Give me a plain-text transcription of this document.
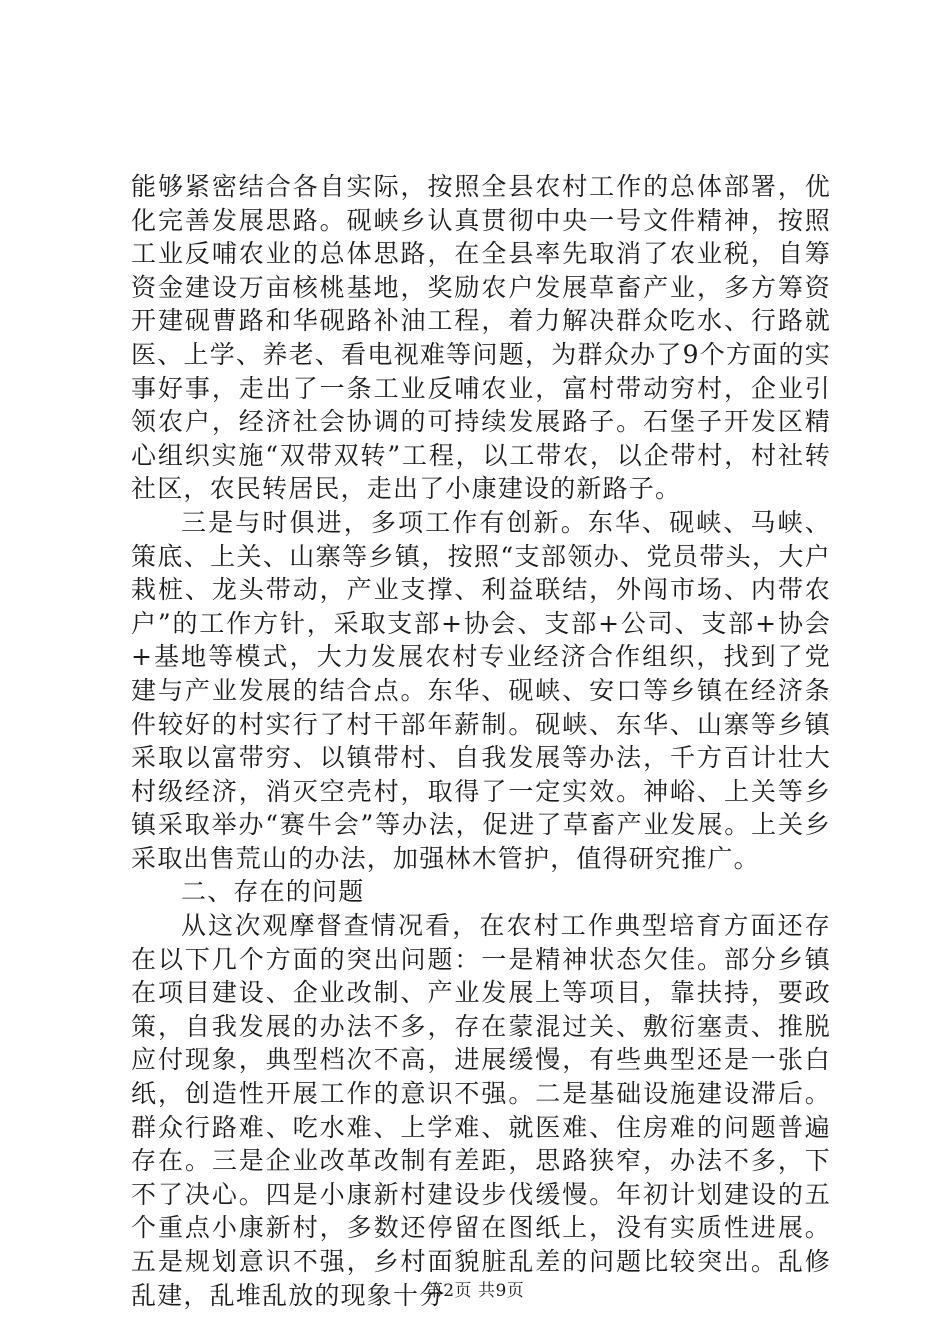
能够紧密结合各自实际，按照全县农村工作的总体部署，优化完善发展思路。砚峡乡认真贯彻中央一号文件精神，按照工业反哺农业的总体思路，在全县率先取消了农业税，自筹资金建设万亩核桃基地，奖励农户发展草畜产业，多方筹资开建砚曹路和华砚路补油工程，着力解决群众吃水、行路就医、上学、养老、看电视难等问题，为群众办了9个方面的实事好事，走出了一条工业反哺农业，富村带动穷村，企业引领农户，经济社会协调的可持续发展路子。石堡子开发区精心组织实施“双带双转”工程，以工带农，以企带村，村社转社区，农民转居民，走出了小康建设的新路子。

三是与时俱进，多项工作有创新。东华、砚峡、马峡、策底、上关、山寨等乡镇，按照“支部领办、党员带头，大户栽桩、龙头带动，产业支撑、利益联结，外闯市场、内带农户”的工作方针，采取支部+协会、支部+公司、支部+协会+基地等模式，大力发展农村专业经济合作组织，找到了党建与产业发展的结合点。东华、砚峡、安口等乡镇在经济条件较好的村实行了村干部年薪制。砚峡、东华、山寨等乡镇采取以富带穷、以镇带村、自我发展等办法，千方百计壮大村级经济，消灭空壳村，取得了一定实效。神峪、上关等乡镇采取举办“赛牛会”等办法，促进了草畜产业发展。上关乡采取出售荒山的办法，加强林木管护，值得研究推广。

二、存在的问题

从这次观摩督查情况看，在农村工作典型培育方面还存在以下几个方面的突出问题：一是精神状态欠佳。部分乡镇在项目建设、企业改制、产业发展上等项目，靠扶持，要政策，自我发展的办法不多，存在蒙混过关、敷衍塞责、推脱应付现象，典型档次不高，进展缓慢，有些典型还是一张白纸，创造性开展工作的意识不强。二是基础设施建设滞后。群众行路难、吃水难、上学难、就医难、住房难的问题普遍存在。三是企业改革改制有差距，思路狭窄，办法不多，下不了决心。四是小康新村建设步伐缓慢。年初计划建设的五个重点小康新村，多数还停留在图纸上，没有实质性进展。五是规划意识不强，乡村面貌脏乱差的问题比较突出。乱修乱建，乱堆乱放的现象十分

第2页 共9页
